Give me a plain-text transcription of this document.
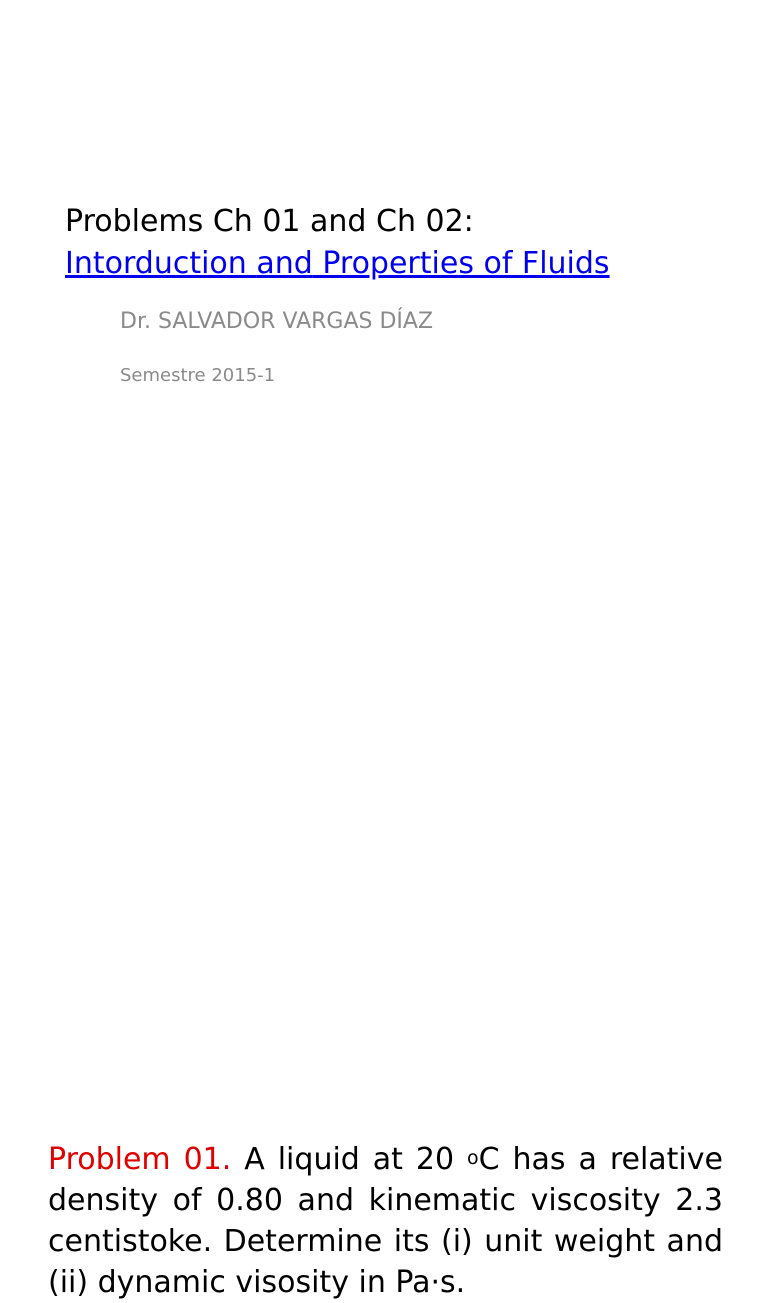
Problems Ch 01 and Ch 02:
Intorduction and Properties of Fluids
Dr. SALVADOR VARGAS DÍAZ
Semestre 2015-1

Problem 01. A liquid at 20 oC has a relative density of 0.80 and kinematic viscosity 2.3 centistoke. Determine its (i) unit weight and (ii) dynamic visosity in Pa·s.
